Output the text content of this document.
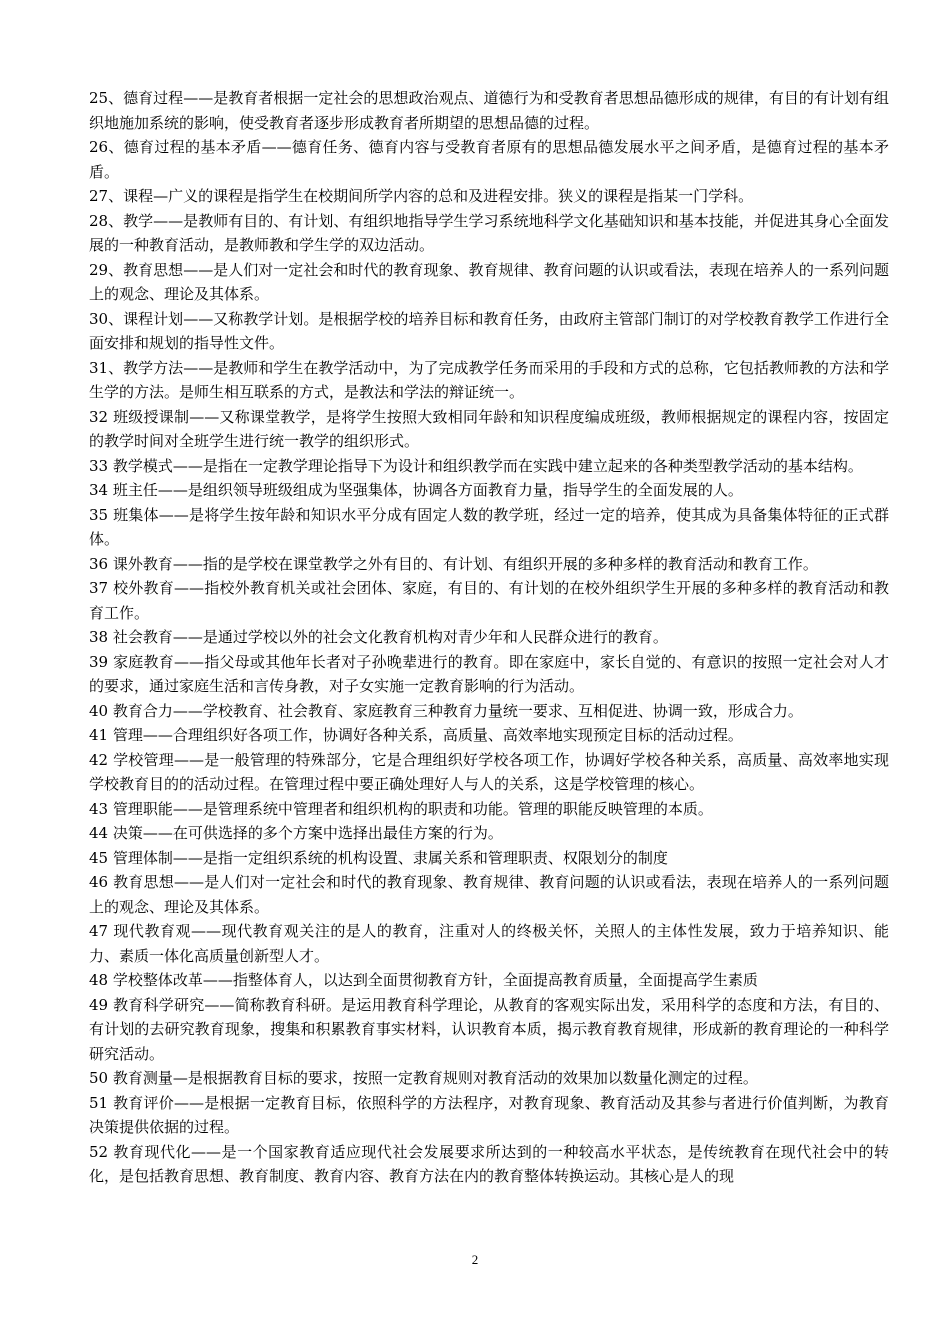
25、德育过程——是教育者根据一定社会的思想政治观点、道德行为和受教育者思想品德形成的规律，有目的有计划有组织地施加系统的影响，使受教育者逐步形成教育者所期望的思想品德的过程。

26、德育过程的基本矛盾——德育任务、德育内容与受教育者原有的思想品德发展水平之间矛盾，是德育过程的基本矛盾。

27、课程—广义的课程是指学生在校期间所学内容的总和及进程安排。狭义的课程是指某一门学科。

28、教学——是教师有目的、有计划、有组织地指导学生学习系统地科学文化基础知识和基本技能，并促进其身心全面发展的一种教育活动，是教师教和学生学的双边活动。

29、教育思想——是人们对一定社会和时代的教育现象、教育规律、教育问题的认识或看法，表现在培养人的一系列问题上的观念、理论及其体系。

30、课程计划——又称教学计划。是根据学校的培养目标和教育任务，由政府主管部门制订的对学校教育教学工作进行全面安排和规划的指导性文件。

31、教学方法——是教师和学生在教学活动中，为了完成教学任务而采用的手段和方式的总称，它包括教师教的方法和学生学的方法。是师生相互联系的方式，是教法和学法的辩证统一。

32 班级授课制——又称课堂教学，是将学生按照大致相同年龄和知识程度编成班级，教师根据规定的课程内容，按固定的教学时间对全班学生进行统一教学的组织形式。

33 教学模式——是指在一定教学理论指导下为设计和组织教学而在实践中建立起来的各种类型教学活动的基本结构。

34 班主任——是组织领导班级组成为坚强集体，协调各方面教育力量，指导学生的全面发展的人。

35 班集体——是将学生按年龄和知识水平分成有固定人数的教学班，经过一定的培养，使其成为具备集体特征的正式群体。

36 课外教育——指的是学校在课堂教学之外有目的、有计划、有组织开展的多种多样的教育活动和教育工作。

37 校外教育——指校外教育机关或社会团体、家庭，有目的、有计划的在校外组织学生开展的多种多样的教育活动和教育工作。

38 社会教育——是通过学校以外的社会文化教育机构对青少年和人民群众进行的教育。

39 家庭教育——指父母或其他年长者对子孙晚辈进行的教育。即在家庭中，家长自觉的、有意识的按照一定社会对人才的要求，通过家庭生活和言传身教，对子女实施一定教育影响的行为活动。

40 教育合力——学校教育、社会教育、家庭教育三种教育力量统一要求、互相促进、协调一致，形成合力。

41 管理——合理组织好各项工作，协调好各种关系，高质量、高效率地实现预定目标的活动过程。

42 学校管理——是一般管理的特殊部分，它是合理组织好学校各项工作，协调好学校各种关系，高质量、高效率地实现学校教育目的的活动过程。在管理过程中要正确处理好人与人的关系，这是学校管理的核心。

43 管理职能——是管理系统中管理者和组织机构的职责和功能。管理的职能反映管理的本质。

44 决策——在可供选择的多个方案中选择出最佳方案的行为。

45 管理体制——是指一定组织系统的机构设置、隶属关系和管理职责、权限划分的制度

46 教育思想——是人们对一定社会和时代的教育现象、教育规律、教育问题的认识或看法，表现在培养人的一系列问题上的观念、理论及其体系。

47 现代教育观——现代教育观关注的是人的教育，注重对人的终极关怀，关照人的主体性发展，致力于培养知识、能力、素质一体化高质量创新型人才。

48 学校整体改革——指整体育人，以达到全面贯彻教育方针，全面提高教育质量，全面提高学生素质

49 教育科学研究——简称教育科研。是运用教育科学理论，从教育的客观实际出发，采用科学的态度和方法，有目的、有计划的去研究教育现象，搜集和积累教育事实材料，认识教育本质，揭示教育教育规律，形成新的教育理论的一种科学研究活动。

50 教育测量—是根据教育目标的要求，按照一定教育规则对教育活动的效果加以数量化测定的过程。

51 教育评价——是根据一定教育目标，依照科学的方法程序，对教育现象、教育活动及其参与者进行价值判断，为教育决策提供依据的过程。

52 教育现代化——是一个国家教育适应现代社会发展要求所达到的一种较高水平状态，是传统教育在现代社会中的转化，是包括教育思想、教育制度、教育内容、教育方法在内的教育整体转换运动。其核心是人的现

2
